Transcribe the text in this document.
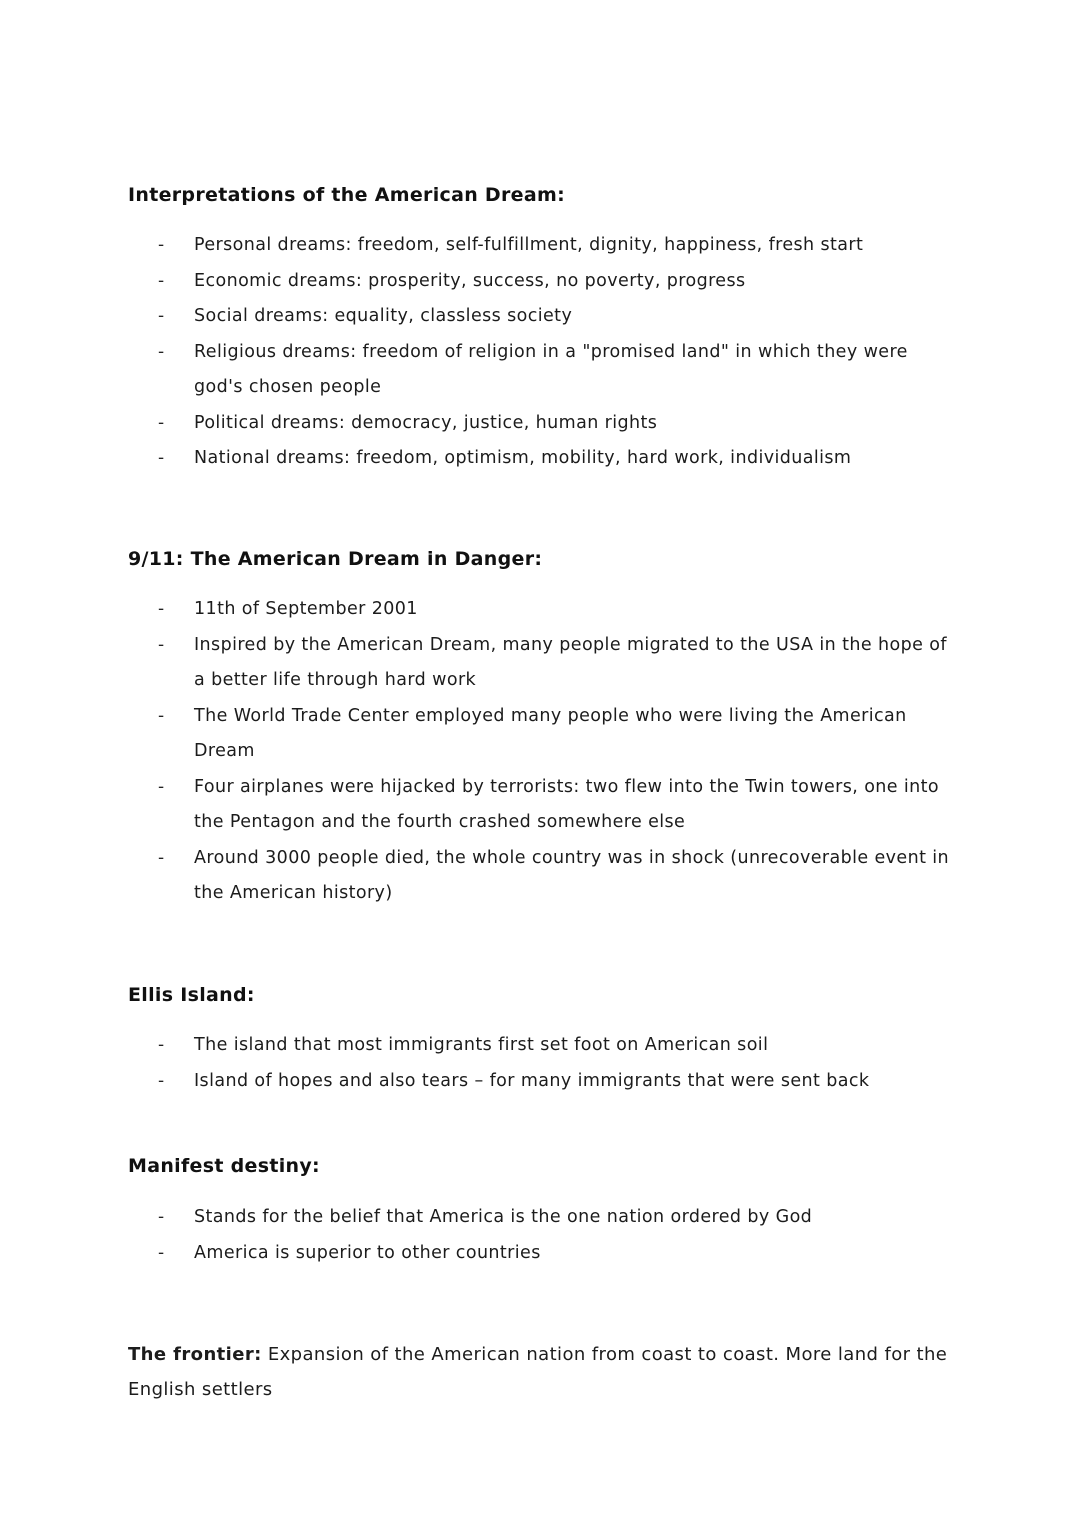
Interpretations of the American Dream:
- Personal dreams: freedom, self-fulfillment, dignity, happiness, fresh start
- Economic dreams: prosperity, success, no poverty, progress
- Social dreams: equality, classless society
- Religious dreams: freedom of religion in a "promised land" in which they were god's chosen people
- Political dreams: democracy, justice, human rights
- National dreams: freedom, optimism, mobility, hard work, individualism
9/11: The American Dream in Danger:
- 11th of September 2001
- Inspired by the American Dream, many people migrated to the USA in the hope of a better life through hard work
- The World Trade Center employed many people who were living the American Dream
- Four airplanes were hijacked by terrorists: two flew into the Twin towers, one into the Pentagon and the fourth crashed somewhere else
- Around 3000 people died, the whole country was in shock (unrecoverable event in the American history)
Ellis Island:
- The island that most immigrants first set foot on American soil
- Island of hopes and also tears – for many immigrants that were sent back
Manifest destiny:
- Stands for the belief that America is the one nation ordered by God
- America is superior to other countries

The frontier: Expansion of the American nation from coast to coast. More land for the English settlers
